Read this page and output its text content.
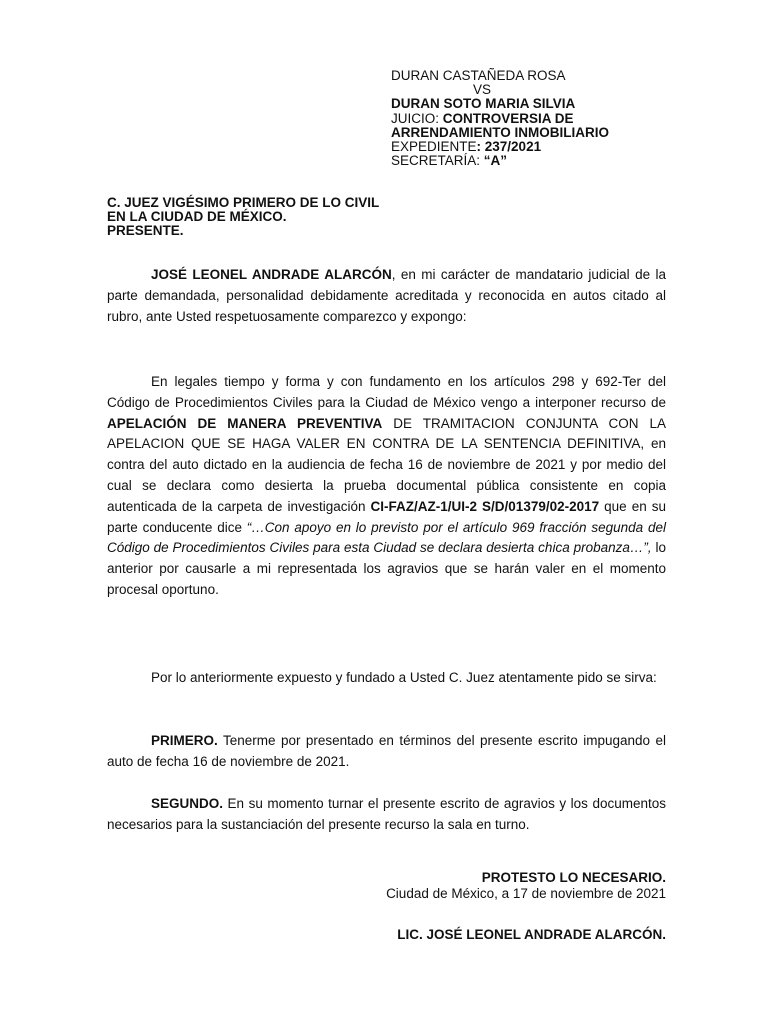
DURAN CASTAÑEDA ROSA
VS
DURAN SOTO MARIA SILVIA
JUICIO: CONTROVERSIA DE
ARRENDAMIENTO INMOBILIARIO
EXPEDIENTE: 237/2021
SECRETARÍA: “A”
C. JUEZ VIGÉSIMO PRIMERO DE LO CIVIL
EN LA CIUDAD DE MÉXICO.
PRESENTE.

JOSÉ LEONEL ANDRADE ALARCÓN, en mi carácter de mandatario judicial de la parte demandada, personalidad debidamente acreditada y reconocida en autos citado al rubro, ante Usted respetuosamente comparezco y expongo:

En legales tiempo y forma y con fundamento en los artículos 298 y 692-Ter del Código de Procedimientos Civiles para la Ciudad de México vengo a interponer recurso de APELACIÓN DE MANERA PREVENTIVA DE TRAMITACION CONJUNTA CON LA APELACION QUE SE HAGA VALER EN CONTRA DE LA SENTENCIA DEFINITIVA, en contra del auto dictado en la audiencia de fecha 16 de noviembre de 2021 y por medio del cual se declara como desierta la prueba documental pública consistente en copia autenticada de la carpeta de investigación CI-FAZ/AZ-1/UI-2 S/D/01379/02-2017 que en su parte conducente dice “…Con apoyo en lo previsto por el artículo 969 fracción segunda del Código de Procedimientos Civiles para esta Ciudad se declara desierta chica probanza…”, lo anterior por causarle a mi representada los agravios que se harán valer en el momento procesal oportuno.

Por lo anteriormente expuesto y fundado a Usted C. Juez atentamente pido se sirva:

PRIMERO. Tenerme por presentado en términos del presente escrito impugando el auto de fecha 16 de noviembre de 2021.

SEGUNDO. En su momento turnar el presente escrito de agravios y los documentos necesarios para la sustanciación del presente recurso la sala en turno.

PROTESTO LO NECESARIO.
Ciudad de México, a 17 de noviembre de 2021
LIC. JOSÉ LEONEL ANDRADE ALARCÓN.
